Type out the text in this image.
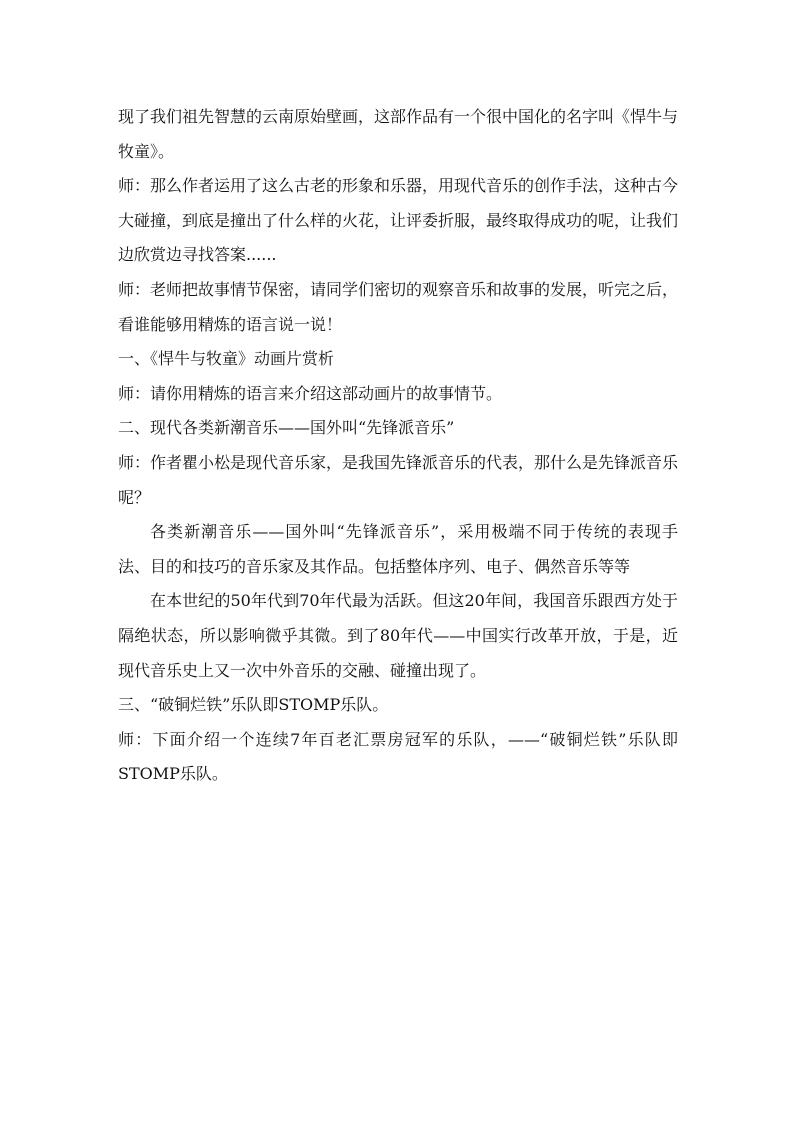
现了我们祖先智慧的云南原始壁画，这部作品有一个很中国化的名字叫《悍牛与牧童》。

师：那么作者运用了这么古老的形象和乐器，用现代音乐的创作手法，这种古今大碰撞，到底是撞出了什么样的火花，让评委折服，最终取得成功的呢，让我们边欣赏边寻找答案......

师：老师把故事情节保密，请同学们密切的观察音乐和故事的发展，听完之后，看谁能够用精炼的语言说一说！

一、《悍牛与牧童》动画片赏析

师：请你用精炼的语言来介绍这部动画片的故事情节。

二、现代各类新潮音乐——国外叫“先锋派音乐”

师：作者瞿小松是现代音乐家，是我国先锋派音乐的代表，那什么是先锋派音乐呢？

各类新潮音乐——国外叫“先锋派音乐”，采用极端不同于传统的表现手法、目的和技巧的音乐家及其作品。包括整体序列、电子、偶然音乐等等

在本世纪的50年代到70年代最为活跃。但这20年间，我国音乐跟西方处于隔绝状态，所以影响微乎其微。到了80年代——中国实行改革开放，于是，近现代音乐史上又一次中外音乐的交融、碰撞出现了。

三、“破铜烂铁”乐队即STOMP乐队。

师：下面介绍一个连续7年百老汇票房冠军的乐队，——“破铜烂铁”乐队即STOMP乐队。
